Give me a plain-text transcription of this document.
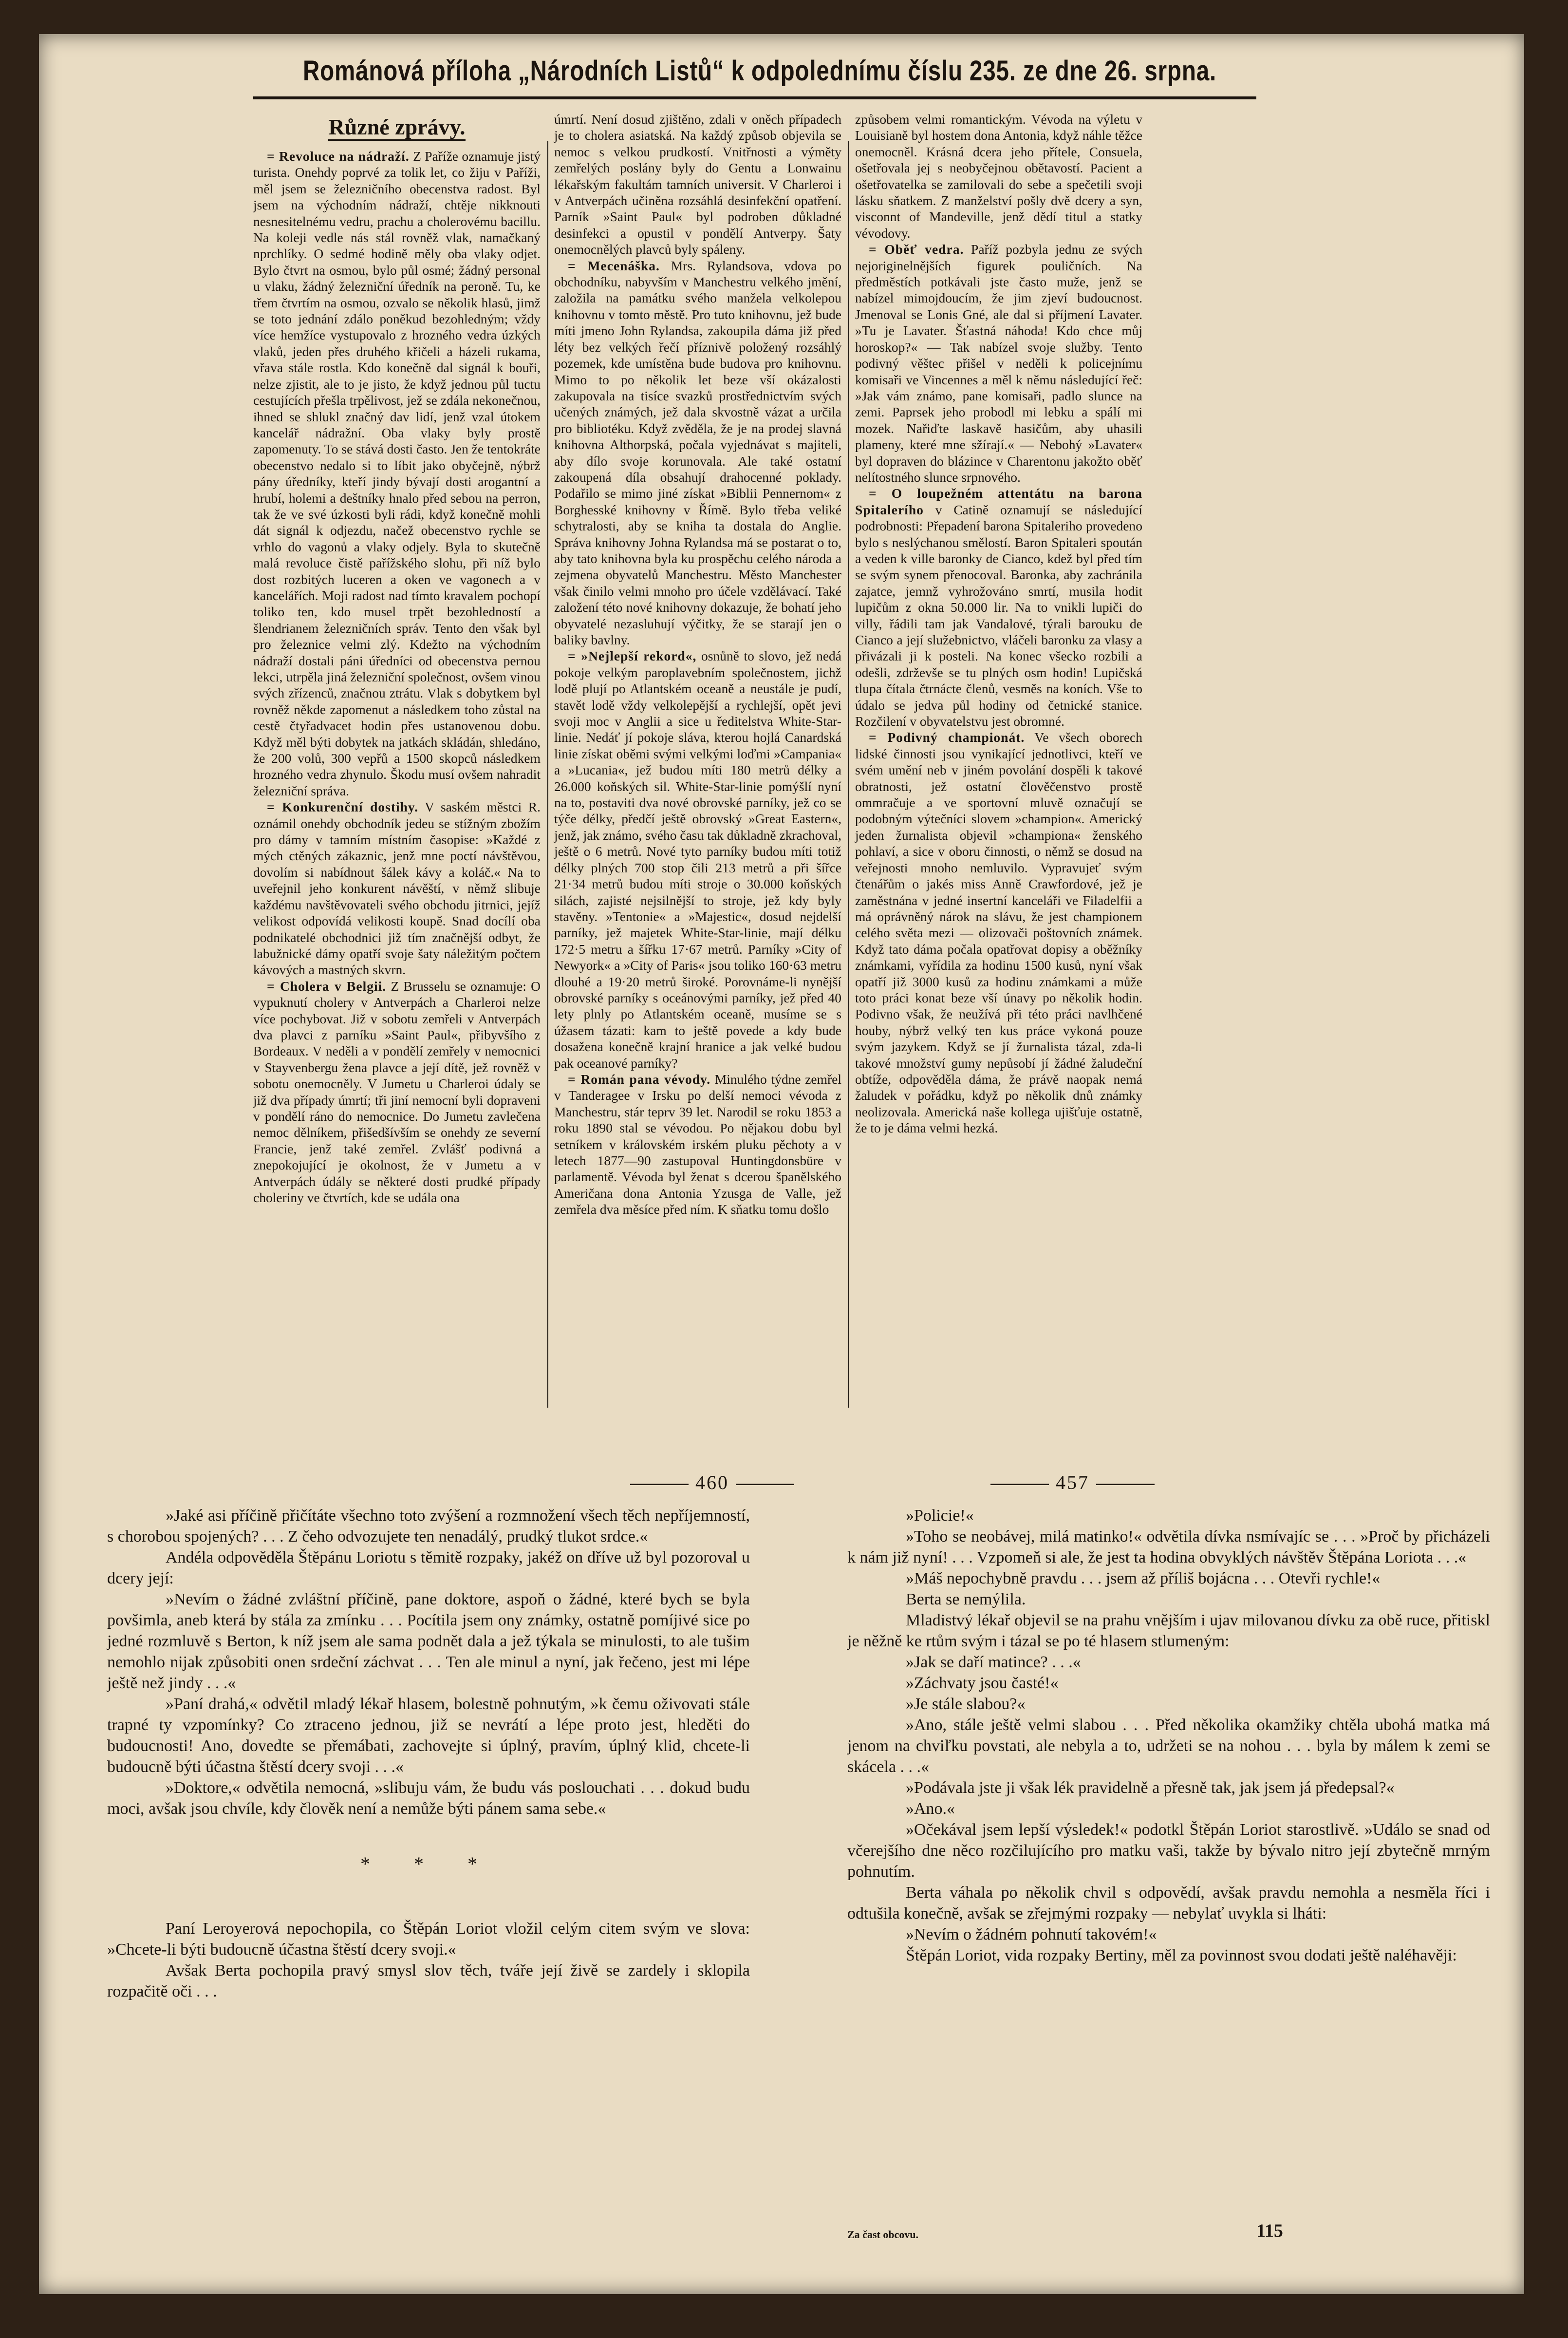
Románová příloha „Národních Listů“ k odpolednímu číslu 235. ze dne 26. srpna.
Různé zprávy.

= Revoluce na nádraží. Z Paříže oznamuje jistý turista. Onehdy poprvé za tolik let, co žiju v Paříži, měl jsem se železničního obecenstva radost. Byl jsem na východním nádraží, chtěje nikknouti nesnesitelnému vedru, prachu a cholerovému bacillu. Na koleji vedle nás stál rovněž vlak, namačkaný nprchlíky. O sedmé hodině měly oba vlaky odjet. Bylo čtvrt na osmou, bylo půl osmé; žádný personal u vlaku, žádný železniční úředník na peroně. Tu, ke třem čtvrtím na osmou, ozvalo se několik hlasů, jimž se toto jednání zdálo poněkud bezohledným; vždy více hemžíce vystupovalo z hrozného vedra úzkých vlaků, jeden přes druhého křičeli a házeli rukama, vřava stále rostla. Kdo konečně dal signál k bouři, nelze zjistit, ale to je jisto, že když jednou půl tuctu cestujících přešla trpělivost, jež se zdála nekonečnou, ihned se shlukl značný dav lidí, jenž vzal útokem kancelář nádražní. Oba vlaky byly prostě zapomenuty. To se stává dosti často. Jen že tentokráte obecenstvo nedalo si to líbit jako obyčejně, nýbrž pány úředníky, kteří jindy bývají dosti arogantní a hrubí, holemi a deštníky hnalo před sebou na perron, tak že ve své úzkosti byli rádi, když konečně mohli dát signál k odjezdu, načež obecenstvo rychle se vrhlo do vagonů a vlaky odjely. Byla to skutečně malá revoluce čistě pařížského slohu, při níž bylo dost rozbitých luceren a oken ve vagonech a v kancelářích. Moji radost nad tímto kravalem pochopí toliko ten, kdo musel trpět bezohledností a šlendrianem železničních správ. Tento den však byl pro železnice velmi zlý. Kdežto na východním nádraží dostali páni úředníci od obecenstva pernou lekci, utrpěla jiná železniční společnost, ovšem vinou svých zřízenců, značnou ztrátu. Vlak s dobytkem byl rovněž někde zapomenut a následkem toho zůstal na cestě čtyřadvacet hodin přes ustanovenou dobu. Když měl býti dobytek na jatkách skládán, shledáno, že 200 volů, 300 vepřů a 1500 skopců následkem hrozného vedra zhynulo. Škodu musí ovšem nahradit železniční správa.

= Konkurenční dostihy. V saském městci R. oznámil onehdy obchodník jedeu se stížným zbožím pro dámy v tamním místním časopise: »Každé z mých ctěných zákaznic, jenž mne poctí návštěvou, dovolím si nabídnout šálek kávy a koláč.« Na to uveřejnil jeho konkurent návěští, v němž slibuje každému navštěvovateli svého obchodu jitrnici, jejíž velikost odpovídá velikosti koupě. Snad docílí oba podnikatelé obchodnici již tím značnější odbyt, že labužnické dámy opatří svoje šaty náležitým počtem kávových a mastných skvrn.

= Cholera v Belgii. Z Brusselu se oznamuje: O vypuknutí cholery v Antverpách a Charleroi nelze více pochybovat. Již v sobotu zemřeli v Antverpách dva plavci z parníku »Saint Paul«, přibyvšího z Bordeaux. V neděli a v pondělí zemřely v nemocnici v Stayvenbergu žena plavce a její dítě, jež rovněž v sobotu onemocněly. V Jumetu u Charleroi údaly se již dva případy úmrtí; tři jiní nemocní byli dopraveni v pondělí ráno do nemocnice. Do Jumetu zavlečena nemoc dělníkem, přišedšívším se onehdy ze severní Francie, jenž také zemřel. Zvlášť podivná a znepokojující je okolnost, že v Jumetu a v Antverpách údály se některé dosti prudké případy choleriny ve čtvrtích, kde se udála ona

úmrtí. Není dosud zjištěno, zdali v oněch případech je to cholera asiatská. Na každý způsob objevila se nemoc s velkou prudkostí. Vnitřnosti a výměty zemřelých poslány byly do Gentu a Lonwainu lékařským fakultám tamních universit. V Charleroi i v Antverpách učiněna rozsáhlá desinfekční opatření. Parník »Saint Paul« byl podroben důkladné desinfekci a opustil v pondělí Antverpy. Šaty onemocnělých plavců byly spáleny.

= Mecenáška. Mrs. Rylandsova, vdova po obchodníku, nabyvším v Manchestru velkého jmění, založila na památku svého manžela velkolepou knihovnu v tomto městě. Pro tuto knihovnu, jež bude míti jmeno John Rylandsa, zakoupila dáma již před léty bez velkých řečí příznivě položený rozsáhlý pozemek, kde umístěna bude budova pro knihovnu. Mimo to po několik let beze vší okázalosti zakupovala na tisíce svazků prostřednictvím svých učených známých, jež dala skvostně vázat a určila pro bibliotéku. Když zvěděla, že je na prodej slavná knihovna Althorpská, počala vyjednávat s majiteli, aby dílo svoje korunovala. Ale také ostatní zakoupená díla obsahují drahocenné poklady. Podařilo se mimo jiné získat »Biblii Pennernom« z Borghesské knihovny v Římě. Bylo třeba veliké schytralosti, aby se kniha ta dostala do Anglie. Správa knihovny Johna Rylandsa má se postarat o to, aby tato knihovna byla ku prospěchu celého národa a zejmena obyvatelů Manchestru. Město Manchester však činilo velmi mnoho pro účele vzdělávací. Také založení této nové knihovny dokazuje, že bohatí jeho obyvatelé nezasluhují výčitky, že se starají jen o baliky bavlny.

= »Nejlepší rekord«, osnůně to slovo, jež nedá pokoje velkým paroplavebním společnostem, jichž lodě plují po Atlantském oceaně a neustále je pudí, stavět lodě vždy velkolepější a rychlejší, opět jevi svoji moc v Anglii a sice u ředitelstva White-Star-linie. Nedáť jí pokoje sláva, kterou hojlá Canardská linie získat oběmi svými velkými loďmi »Campania« a »Lucania«, jež budou míti 180 metrů délky a 26.000 koňských sil. White-Star-linie pomýšlí nyní na to, postaviti dva nové obrovské parníky, jež co se týče délky, předčí ještě obrovský »Great Eastern«, jenž, jak známo, svého času tak důkladně zkrachoval, ještě o 6 metrů. Nové tyto parníky budou míti totiž délky plných 700 stop čili 213 metrů a při šířce 21·34 metrů budou míti stroje o 30.000 koňských silách, zajisté nejsilnější to stroje, jež kdy byly stavěny. »Tentonie« a »Majestic«, dosud nejdelší parníky, jež majetek White-Star-linie, mají délku 172·5 metru a šířku 17·67 metrů. Parníky »City of Newyork« a »City of Paris« jsou toliko 160·63 metru dlouhé a 19·20 metrů široké. Porovnáme-li nynější obrovské parníky s oceánovými parníky, jež před 40 lety plnly po Atlantském oceaně, musíme se s úžasem tázati: kam to ještě povede a kdy bude dosažena konečně krajní hranice a jak velké budou pak oceanové parníky?

= Román pana vévody. Minulého týdne zemřel v Tanderagee v Irsku po delší nemoci vévoda z Manchestru, stár teprv 39 let. Narodil se roku 1853 a roku 1890 stal se vévodou. Po nějakou dobu byl setníkem v královském irském pluku pěchoty a v letech 1877—90 zastupoval Huntingdonsbüre v parlamentě. Vévoda byl ženat s dcerou španělského Američana dona Antonia Yzusga de Valle, jež zemřela dva měsíce před ním. K sňatku tomu došlo

způsobem velmi romantickým. Vévoda na výletu v Louisianě byl hostem dona Antonia, když náhle těžce onemocněl. Krásná dcera jeho přítele, Consuela, ošetřovala jej s neobyčejnou obětavostí. Pacient a ošetřovatelka se zamilovali do sebe a spečetili svoji lásku sňatkem. Z manželství pošly dvě dcery a syn, visconnt of Mandeville, jenž dědí titul a statky vévodovy.

= Oběť vedra. Paříž pozbyla jednu ze svých nejoriginelnějších figurek pouličních. Na předměstích potkávali jste často muže, jenž se nabízel mimojdoucím, že jim zjeví budoucnost. Jmenoval se Lonis Gné, ale dal si příjmení Lavater. »Tu je Lavater. Šťastná náhoda! Kdo chce můj horoskop?« — Tak nabízel svoje služby. Tento podivný věštec přišel v neděli k policejnímu komisaři ve Vincennes a měl k němu následující řeč: »Jak vám známo, pane komisaři, padlo slunce na zemi. Paprsek jeho probodl mi lebku a spálí mi mozek. Nařiďte laskavě hasičům, aby uhasili plameny, které mne sžírají.« — Nebohý »Lavater« byl dopraven do blázince v Charentonu jakožto oběť nelítostného slunce srpnového.

= O loupežném attentátu na barona Spitalerího v Catině oznamují se následující podrobnosti: Přepadení barona Spitaleriho provedeno bylo s neslýchanou smělostí. Baron Spitaleri spoután a veden k ville baronky de Cianco, kdež byl před tím se svým synem přenocoval. Baronka, aby zachránila zajatce, jemnž vyhrožováno smrtí, musila hodit lupičům z okna 50.000 lir. Na to vnikli lupiči do villy, řádili tam jak Vandalové, týrali barouku de Cianco a její služebnictvo, vláčeli baronku za vlasy a přivázali ji k posteli. Na konec všecko rozbili a odešli, zdrževše se tu plných osm hodin! Lupičská tlupa čítala čtrnácte členů, vesměs na koních. Vše to údalo se jedva půl hodiny od četnické stanice. Rozčilení v obyvatelstvu jest obromné.

= Podivný championát. Ve všech oborech lidské činnosti jsou vynikající jednotlivci, kteří ve svém umění neb v jiném povolání dospěli k takové obratnosti, jež ostatní člověčenstvo prostě ommračuje a ve sportovní mluvě označují se podobným výtečníci slovem »champion«. Americký jeden žurnalista objevil »championa« ženského pohlaví, a sice v oboru činnosti, o němž se dosud na veřejnosti mnoho nemluvilo. Vypravujeť svým čtenářům o jakés miss Anně Crawfordové, jež je zaměstnána v jedné insertní kanceláři ve Filadelfii a má oprávněný nárok na slávu, že jest championem celého světa mezi — olizovači poštovních známek. Když tato dáma počala opatřovat dopisy a oběžníky známkami, vyřídila za hodinu 1500 kusů, nyní však opatří již 3000 kusů za hodinu známkami a může toto práci konat beze vší únavy po několik hodin. Podivno však, že neužívá při této práci navlhčené houby, nýbrž velký ten kus práce vykoná pouze svým jazykem. Když se jí žurnalista tázal, zda-li takové množství gumy nepůsobí jí žádné žaludeční obtíže, odpověděla dáma, že právě naopak nemá žaludek v pořádku, když po několik dnů známky neolizovala. Americká naše kollega ujišťuje ostatně, že to je dáma velmi hezká.

460	457

»Jaké asi příčině přičítáte všechno toto zvýšení a rozmnožení všech těch nepříjemností, s chorobou spojených? . . . Z čeho odvozujete ten nenadálý, prudký tlukot srdce.«

Andéla odpověděla Štěpánu Loriotu s těmitě rozpaky, jakéž on dříve už byl pozoroval u dcery její:

»Nevím o žádné zvláštní příčině, pane doktore, aspoň o žádné, které bych se byla povšimla, aneb která by stála za zmínku . . . Pocítila jsem ony známky, ostatně pomíjivé sice po jedné rozmluvě s Berton, k níž jsem ale sama podnět dala a jež týkala se minulosti, to ale tušim nemohlo nijak způsobiti onen srdeční záchvat . . . Ten ale minul a nyní, jak řečeno, jest mi lépe ještě než jindy . . .«

»Paní drahá,« odvětil mladý lékař hlasem, bolestně pohnutým, »k čemu oživovati stále trapné ty vzpomínky? Co ztraceno jednou, již se nevrátí a lépe proto jest, hleděti do budoucnosti! Ano, dovedte se přemábati, zachovejte si úplný, pravím, úplný klid, chcete-li budoucně býti účastna štěstí dcery svoji . . .«

»Doktore,« odvětila nemocná, »slibuju vám, že budu vás poslouchati . . . dokud budu moci, avšak jsou chvíle, kdy člověk není a nemůže býti pánem sama sebe.«

* * *

Paní Leroyerová nepochopila, co Štěpán Loriot vložil celým citem svým ve slova: »Chcete-li býti budoucně účastna štěstí dcery svoji.«

Avšak Berta pochopila pravý smysl slov těch, tváře její živě se zardely i sklopila rozpačitě oči . . .

»Policie!«

»Toho se neobávej, milá matinko!« odvětila dívka nsmívajíc se . . . »Proč by přicházeli k nám již nyní! . . . Vzpomeň si ale, že jest ta hodina obvyklých návštěv Štěpána Loriota . . .«

»Máš nepochybně pravdu . . . jsem až příliš bojácna . . . Otevři rychle!«

Berta se nemýlila.

Mladistvý lékař objevil se na prahu vnějším i ujav milovanou dívku za obě ruce, přitiskl je něžně ke rtům svým i tázal se po té hlasem stlumeným:

»Jak se daří matince? . . .«

»Záchvaty jsou časté!«

»Je stále slabou?«

»Ano, stále ještě velmi slabou . . . Před několika okamžiky chtěla ubohá matka má jenom na chviľku povstati, ale nebyla a to, udržeti se na nohou . . . byla by málem k zemi se skácela . . .«

»Podávala jste ji však lék pravidelně a přesně tak, jak jsem já předepsal?«

»Ano.«

»Očekával jsem lepší výsledek!« podotkl Štěpán Loriot starostlivě. »Událo se snad od včerejšího dne něco rozčilujícího pro matku vaši, takže by bývalo nitro její zbytečně mrným pohnutím.

Berta váhala po několik chvil s odpovědí, avšak pravdu nemohla a nesměla říci i odtušila konečně, avšak se zřejmými rozpaky — nebylať uvykla si lháti:

»Nevím o žádném pohnutí takovém!«

Štěpán Loriot, vida rozpaky Bertiny, měl za povinnost svou dodati ještě naléhavěji:

Za čast obcovu.	115
